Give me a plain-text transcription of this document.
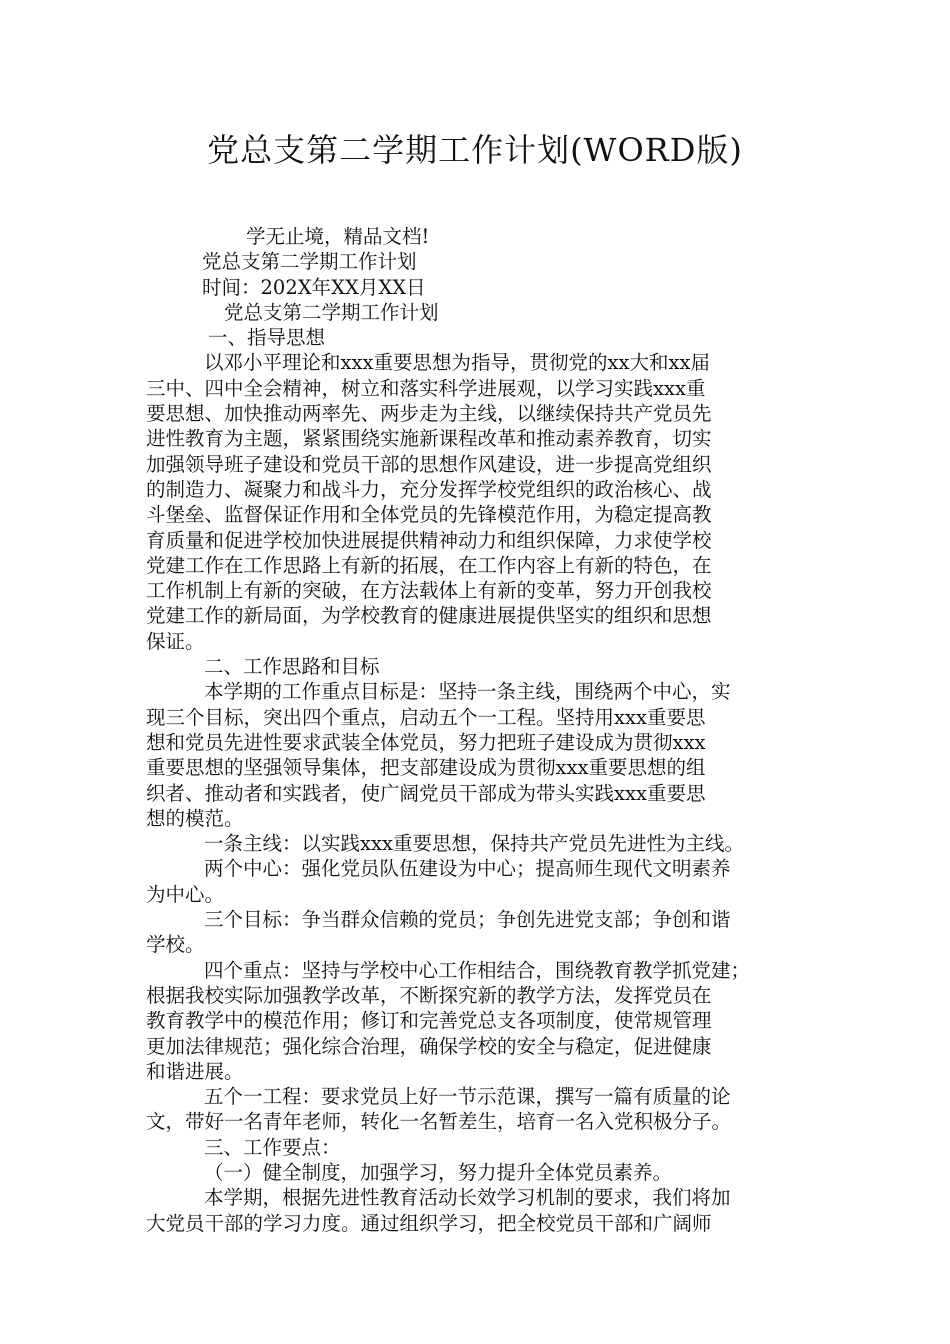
党总支第二学期工作计划(WORD版)
学无止境，精品文档!
党总支第二学期工作计划
时间：202X年XX月XX日
党总支第二学期工作计划
一、指导思想
以邓小平理论和xxx重要思想为指导，贯彻党的xx大和xx届
三中、四中全会精神，树立和落实科学进展观，以学习实践xxx重
要思想、加快推动两率先、两步走为主线，以继续保持共产党员先
进性教育为主题，紧紧围绕实施新课程改革和推动素养教育，切实
加强领导班子建设和党员干部的思想作风建设，进一步提高党组织
的制造力、凝聚力和战斗力，充分发挥学校党组织的政治核心、战
斗堡垒、监督保证作用和全体党员的先锋模范作用，为稳定提高教
育质量和促进学校加快进展提供精神动力和组织保障，力求使学校
党建工作在工作思路上有新的拓展，在工作内容上有新的特色，在
工作机制上有新的突破，在方法载体上有新的变革，努力开创我校
党建工作的新局面，为学校教育的健康进展提供坚实的组织和思想
保证。
二、工作思路和目标
本学期的工作重点目标是：坚持一条主线，围绕两个中心，实
现三个目标，突出四个重点，启动五个一工程。坚持用xxx重要思
想和党员先进性要求武装全体党员，努力把班子建设成为贯彻xxx
重要思想的坚强领导集体，把支部建设成为贯彻xxx重要思想的组
织者、推动者和实践者，使广阔党员干部成为带头实践xxx重要思
想的模范。
一条主线：以实践xxx重要思想，保持共产党员先进性为主线。
两个中心：强化党员队伍建设为中心；提高师生现代文明素养
为中心。
三个目标：争当群众信赖的党员；争创先进党支部；争创和谐
学校。
四个重点：坚持与学校中心工作相结合，围绕教育教学抓党建；
根据我校实际加强教学改革，不断探究新的教学方法，发挥党员在
教育教学中的模范作用；修订和完善党总支各项制度，使常规管理
更加法律规范；强化综合治理，确保学校的安全与稳定，促进健康
和谐进展。
五个一工程：要求党员上好一节示范课，撰写一篇有质量的论
文，带好一名青年老师，转化一名暂差生，培育一名入党积极分子。
三、工作要点：
（一）健全制度，加强学习，努力提升全体党员素养。
本学期，根据先进性教育活动长效学习机制的要求，我们将加
大党员干部的学习力度。通过组织学习，把全校党员干部和广阔师
